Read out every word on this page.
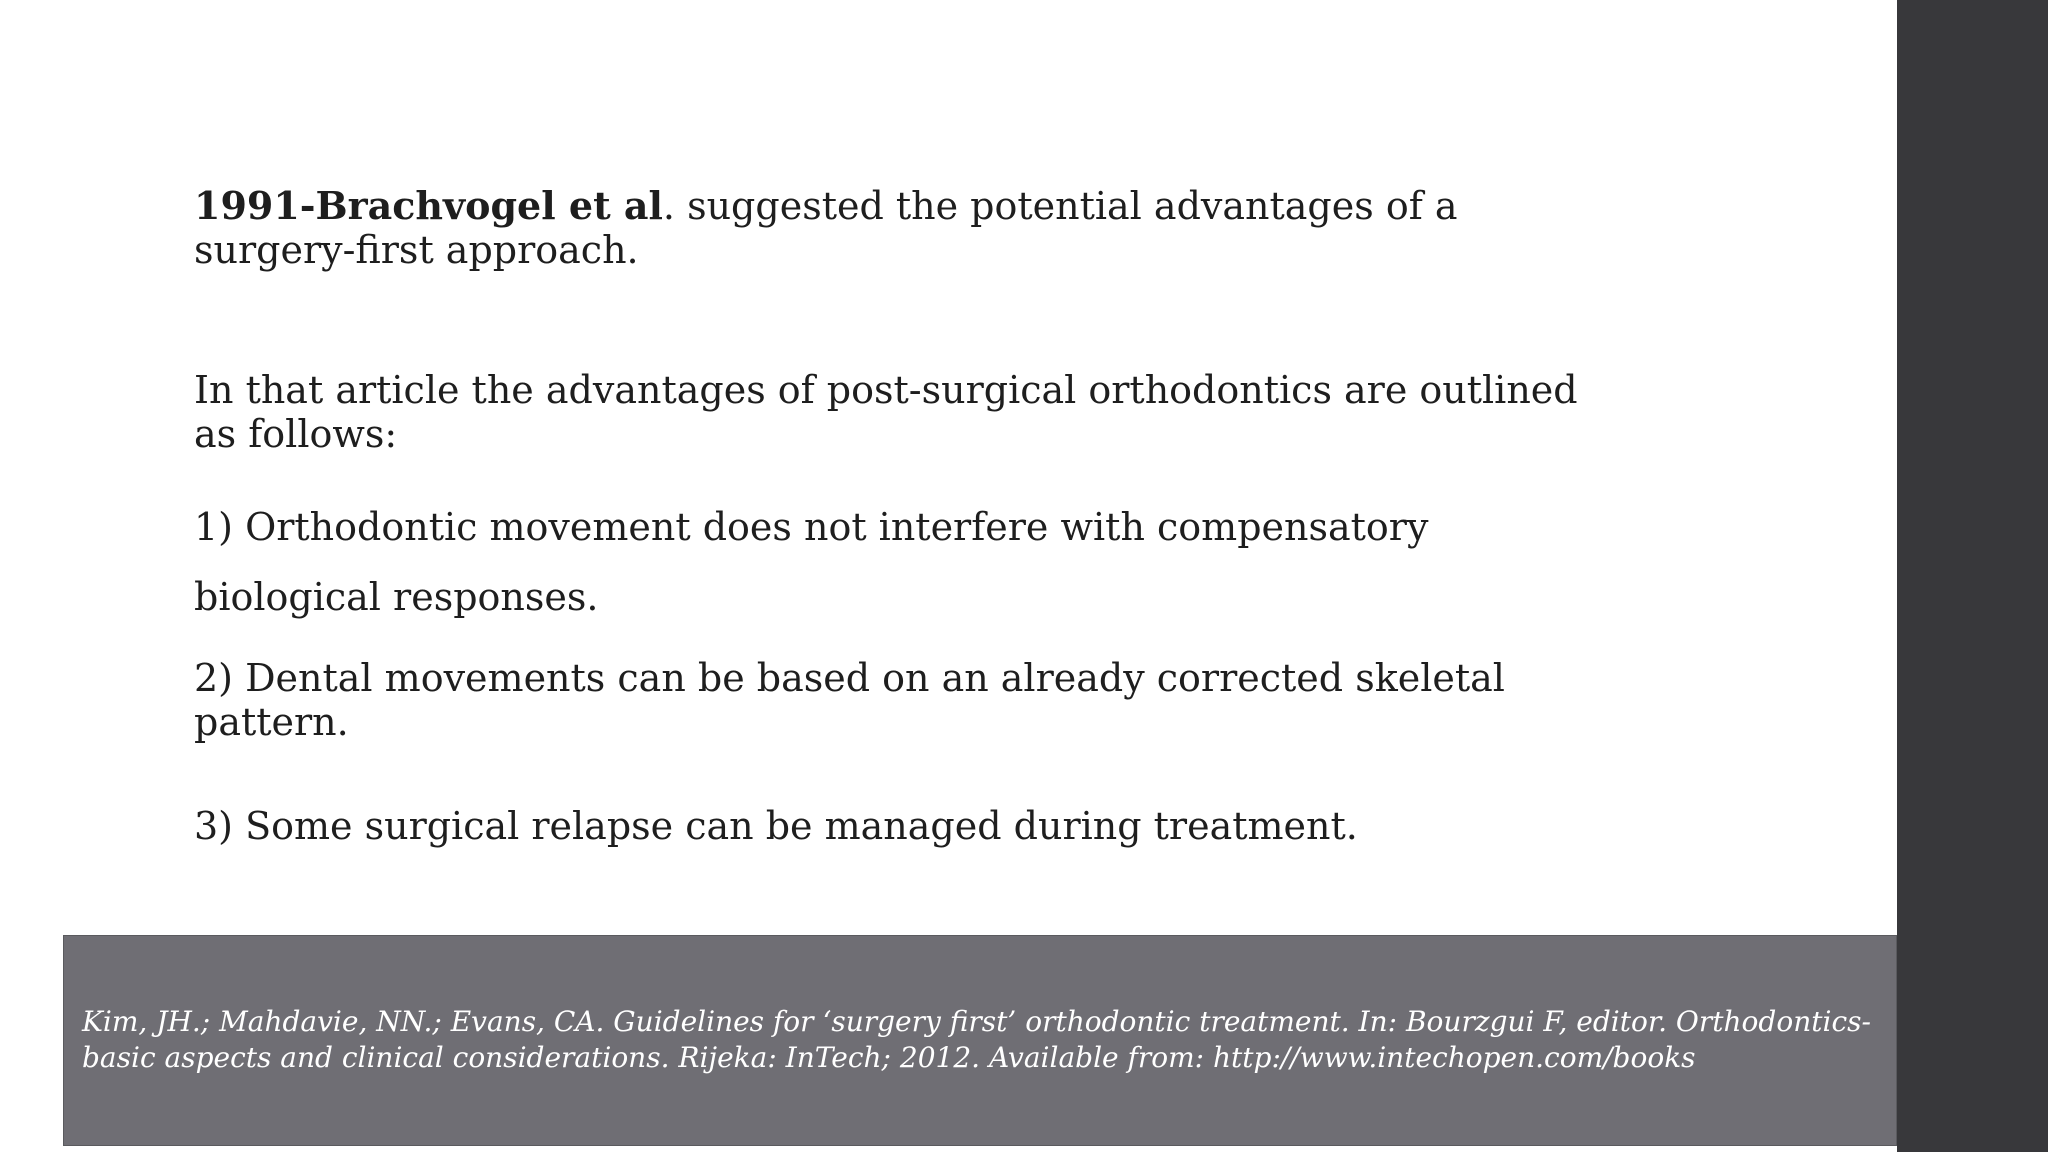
1991-Brachvogel et al. suggested the potential advantages of a surgery-first approach.

In that article the advantages of post-surgical orthodontics are outlined as follows:

1) Orthodontic movement does not interfere with compensatory biological responses.

2) Dental movements can be based on an already corrected skeletal pattern.

3) Some surgical relapse can be managed during treatment.

Kim, JH.; Mahdavie, NN.; Evans, CA. Guidelines for ‘surgery first’ orthodontic treatment. In: Bourzgui F, editor. Orthodontics-basic aspects and clinical considerations. Rijeka: InTech; 2012. Available from: http://www.intechopen.com/books
